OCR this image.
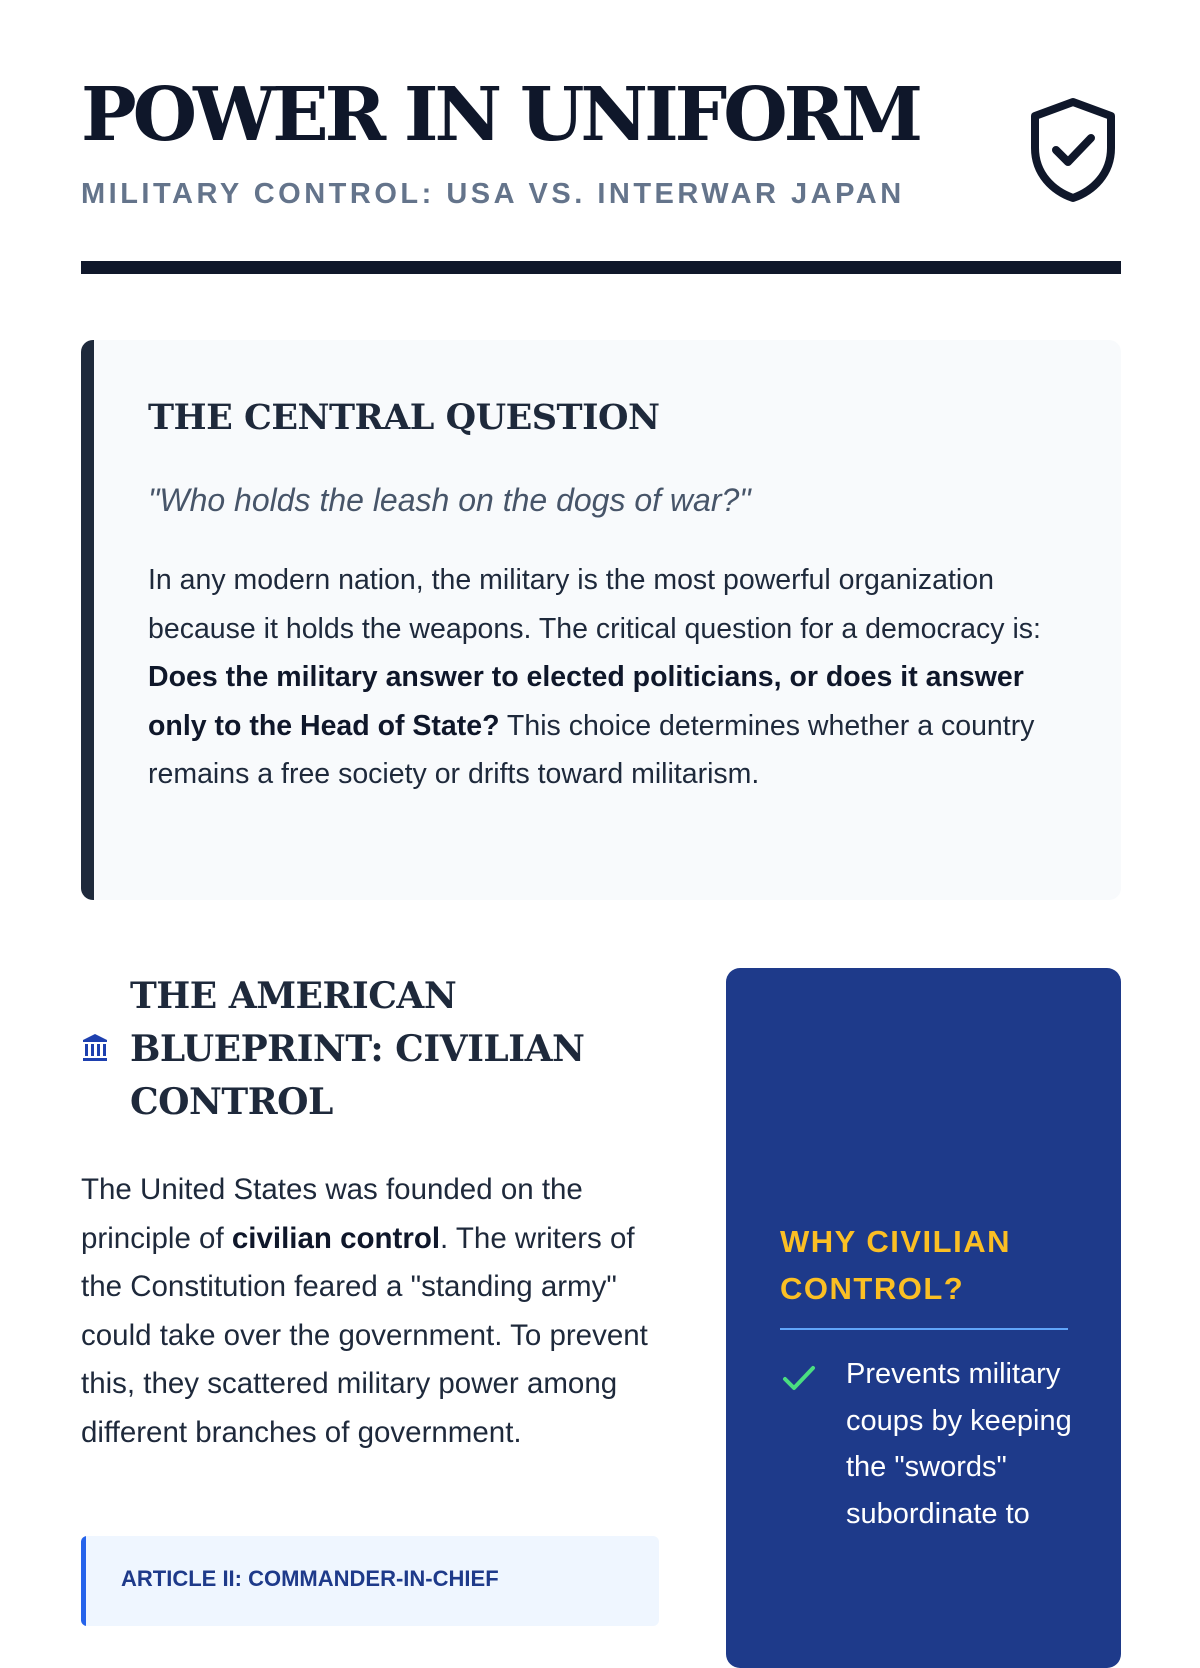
POWER IN UNIFORM
MILITARY CONTROL: USA VS. INTERWAR JAPAN
THE CENTRAL QUESTION
"Who holds the leash on the dogs of war?"

In any modern nation, the military is the most powerful organization because it holds the weapons. The critical question for a democracy is: Does the military answer to elected politicians, or does it answer only to the Head of State? This choice determines whether a country remains a free society or drifts toward militarism.

THE AMERICAN BLUEPRINT: CIVILIAN CONTROL

The United States was founded on the principle of civilian control. The writers of the Constitution feared a "standing army" could take over the government. To prevent this, they scattered military power among different branches of government.

ARTICLE II: COMMANDER-IN-CHIEF
WHY CIVILIAN CONTROL?
Prevents military coups by keeping the "swords" subordinate to
